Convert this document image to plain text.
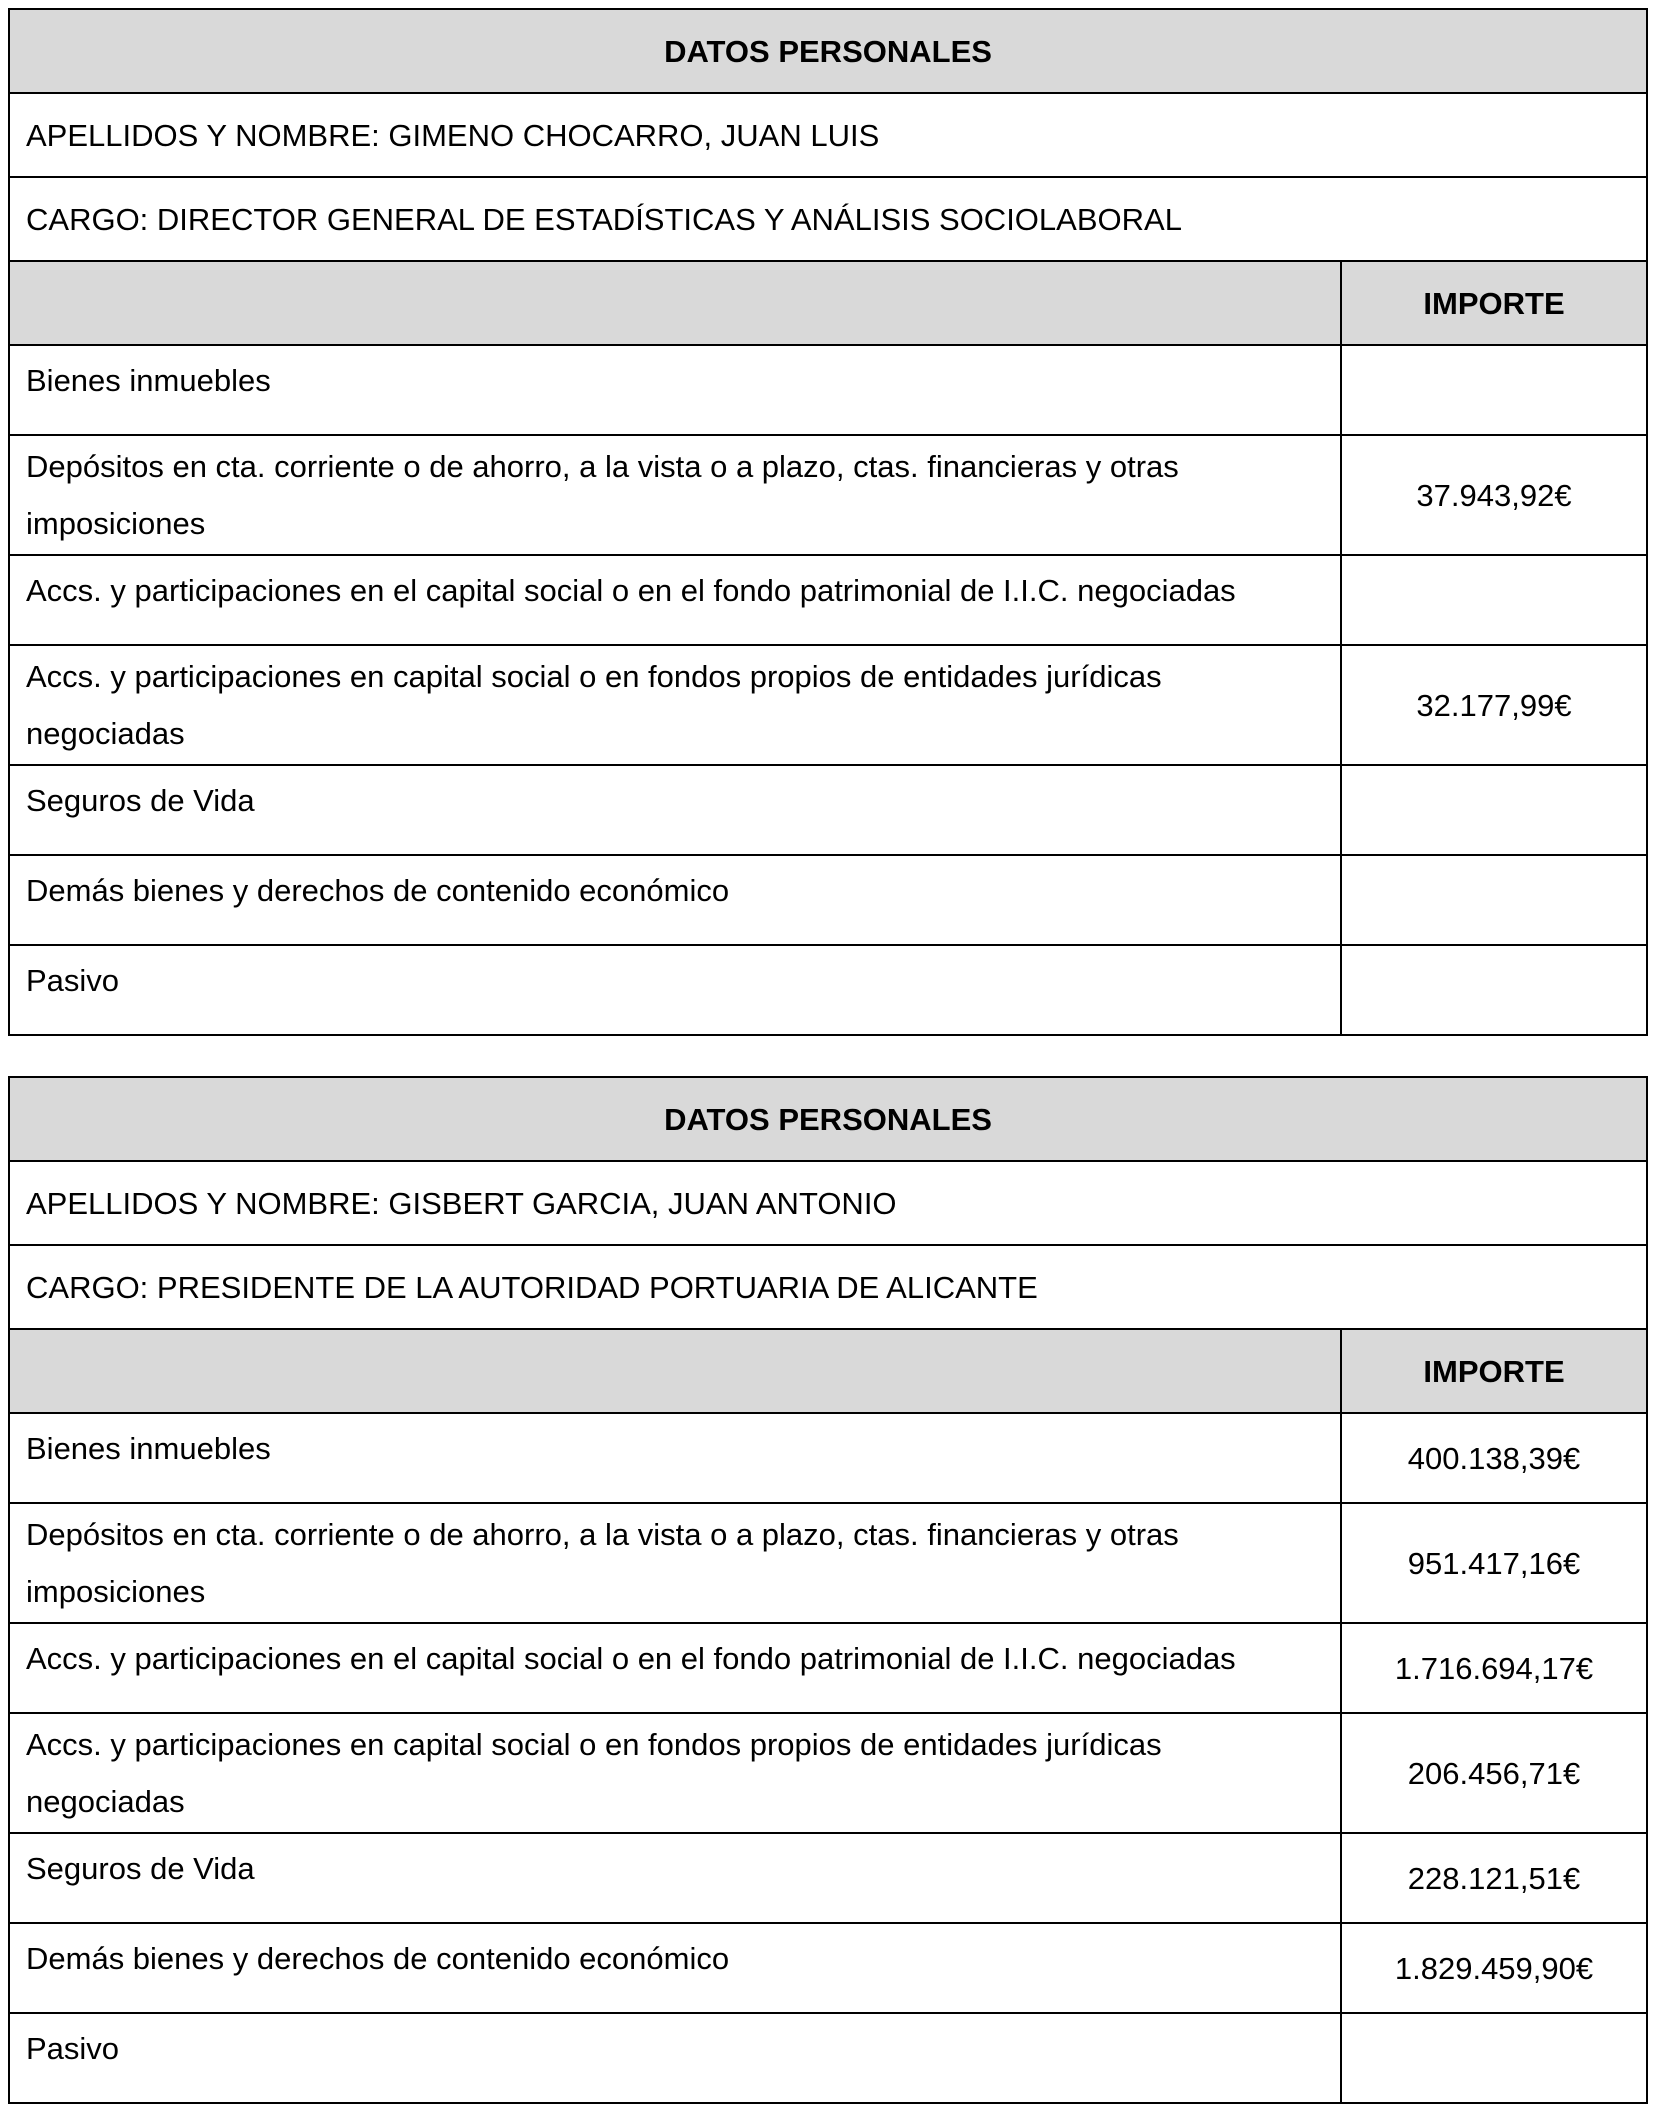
DATOS PERSONALES	
APELLIDOS Y NOMBRE: GIMENO CHOCARRO, JUAN LUIS	
CARGO: DIRECTOR GENERAL DE ESTADÍSTICAS Y ANÁLISIS SOCIOLABORAL	
	IMPORTE
Bienes inmuebles	
Depósitos en cta. corriente o de ahorro, a la vista o a plazo, ctas. financieras y otras imposiciones	37.943,92€
Accs. y participaciones en el capital social o en el fondo patrimonial de I.I.C. negociadas	
Accs. y participaciones en capital social o en fondos propios de entidades jurídicas negociadas	32.177,99€
Seguros de Vida	
Demás bienes y derechos de contenido económico	
Pasivo	
DATOS PERSONALES	
APELLIDOS Y NOMBRE: GISBERT GARCIA, JUAN ANTONIO	
CARGO: PRESIDENTE DE LA AUTORIDAD PORTUARIA DE ALICANTE	
	IMPORTE
Bienes inmuebles	400.138,39€
Depósitos en cta. corriente o de ahorro, a la vista o a plazo, ctas. financieras y otras imposiciones	951.417,16€
Accs. y participaciones en el capital social o en el fondo patrimonial de I.I.C. negociadas	1.716.694,17€
Accs. y participaciones en capital social o en fondos propios de entidades jurídicas negociadas	206.456,71€
Seguros de Vida	228.121,51€
Demás bienes y derechos de contenido económico	1.829.459,90€
Pasivo	
